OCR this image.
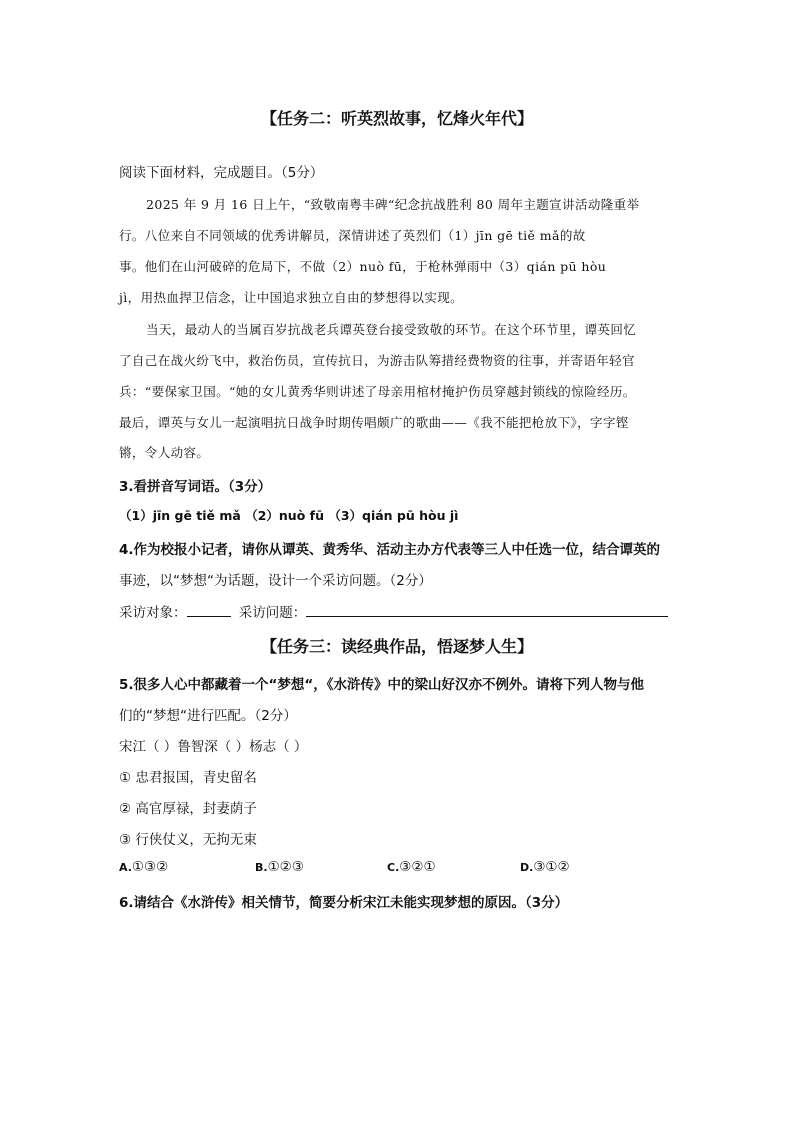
【任务二：听英烈故事，忆烽火年代】

阅读下面材料，完成题目。（5分）

2025 年 9 月 16 日上午，“致敬南粤丰碑“纪念抗战胜利 80 周年主题宣讲活动隆重举

行。八位来自不同领域的优秀讲解员，深情讲述了英烈们（1）jīn gē tiě mǎ的故

事。他们在山河破碎的危局下，不做（2）nuò fū，于枪林弹雨中（3）qián pū hòu

jì，用热血捍卫信念，让中国追求独立自由的梦想得以实现。

当天，最动人的当属百岁抗战老兵谭英登台接受致敬的环节。在这个环节里，谭英回忆

了自己在战火纷飞中，救治伤员，宣传抗日，为游击队筹措经费物资的往事，并寄语年轻官

兵：“要保家卫国。“她的女儿黄秀华则讲述了母亲用棺材掩护伤员穿越封锁线的惊险经历。

最后，谭英与女儿一起演唱抗日战争时期传唱颇广的歌曲——《我不能把枪放下》，字字铿

锵，令人动容。

3.看拼音写词语。（3分）

（1）jīn gē tiě mǎ （2）nuò fū （3）qián pū hòu jì

4.作为校报小记者，请你从谭英、黄秀华、活动主办方代表等三人中任选一位，结合谭英的

事迹，以“梦想“为话题，设计一个采访问题。（2分）

采访对象：	采访问题：

【任务三：读经典作品，悟逐梦人生】

5.很多人心中都藏着一个“梦想“，《水浒传》中的梁山好汉亦不例外。请将下列人物与他

们的“梦想“进行匹配。（2分）

宋江（ ）鲁智深（ ）杨志（ ）

① 忠君报国，青史留名

② 高官厚禄，封妻荫子

③ 行侠仗义，无拘无束

A.①③②	B.①②③	C.③②①	D.③①②

6.请结合《水浒传》相关情节，简要分析宋江未能实现梦想的原因。（3分）
